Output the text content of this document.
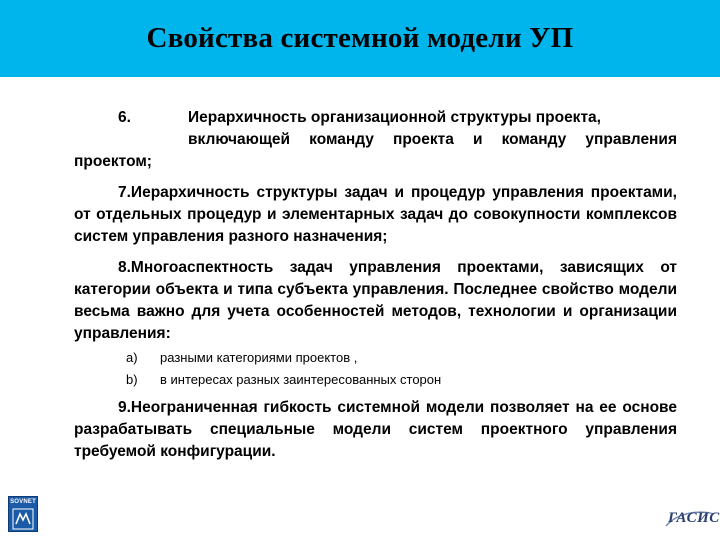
Свойства системной модели УП
6.	Иерархичность организационной структуры проекта,
включающей команду проекта и команду управления проектом;
7.Иерархичность структуры задач и процедур управления проектами, от отдельных процедур и элементарных задач до совокупности комплексов систем управления разного назначения;
8.Многоаспектность задач управления проектами, зависящих от категории объекта и типа субъекта управления. Последнее свойство модели весьма важно для учета особенностей методов, технологии и организации управления:
a)	разными категориями проектов ,
b)	в интересах разных заинтересованных сторон
9.Неограниченная гибкость системной модели позволяет на ее основе разрабатывать специальные модели систем проектного управления требуемой конфигурации.
SOVNET
ГАСИС
